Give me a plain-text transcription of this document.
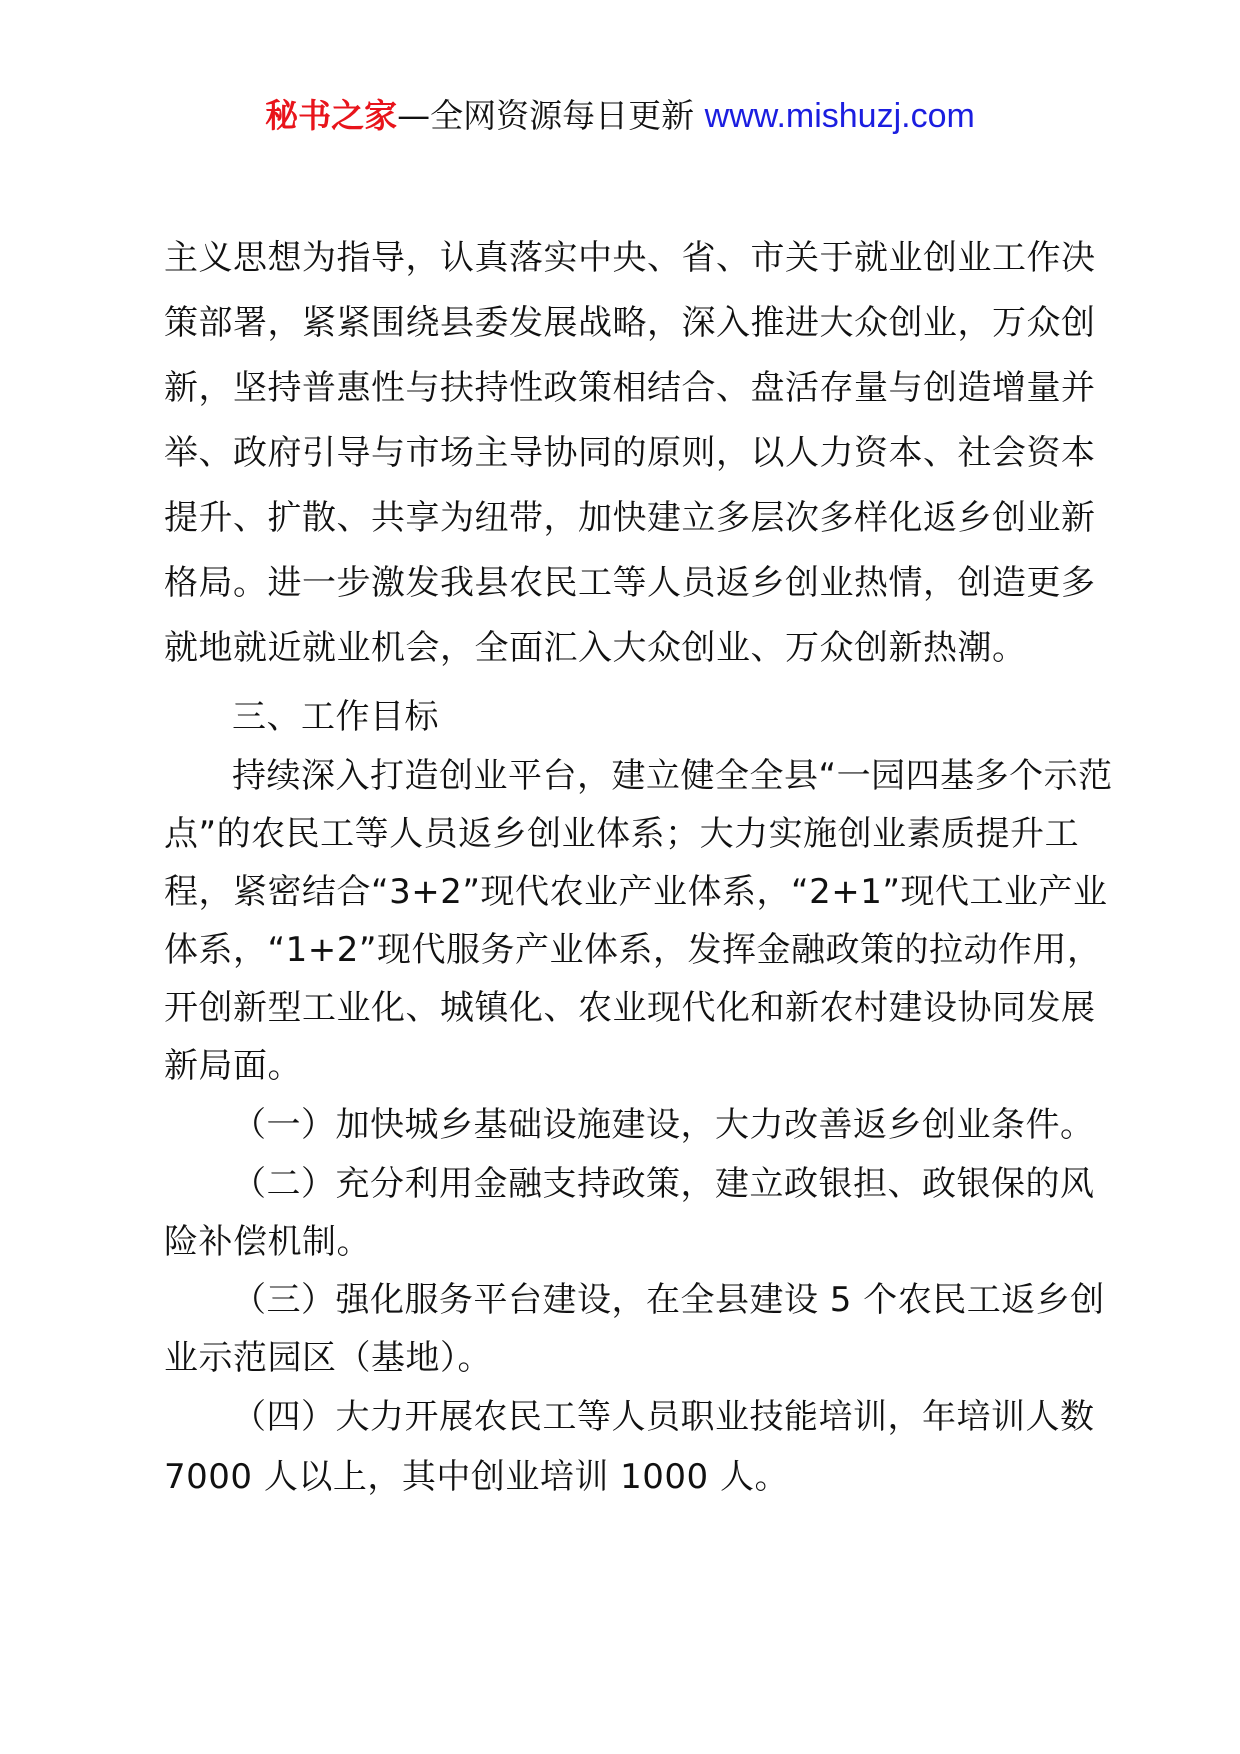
秘书之家—全网资源每日更新 www.mishuzj.com

主义思想为指导，认真落实中央、省、市关于就业创业工作决策部署，紧紧围绕县委发展战略，深入推进大众创业，万众创新，坚持普惠性与扶持性政策相结合、盘活存量与创造增量并举、政府引导与市场主导协同的原则，以人力资本、社会资本提升、扩散、共享为纽带，加快建立多层次多样化返乡创业新格局。进一步激发我县农民工等人员返乡创业热情，创造更多就地就近就业机会，全面汇入大众创业、万众创新热潮。

三、工作目标

持续深入打造创业平台，建立健全全县“一园四基多个示范点”的农民工等人员返乡创业体系；大力实施创业素质提升工程，紧密结合“3+2”现代农业产业体系，“2+1”现代工业产业体系，“1+2”现代服务产业体系，发挥金融政策的拉动作用，开创新型工业化、城镇化、农业现代化和新农村建设协同发展新局面。

（一）加快城乡基础设施建设，大力改善返乡创业条件。

（二）充分利用金融支持政策，建立政银担、政银保的风险补偿机制。

（三）强化服务平台建设，在全县建设 5 个农民工返乡创业示范园区（基地）。

（四）大力开展农民工等人员职业技能培训，年培训人数 7000 人以上，其中创业培训 1000 人。
